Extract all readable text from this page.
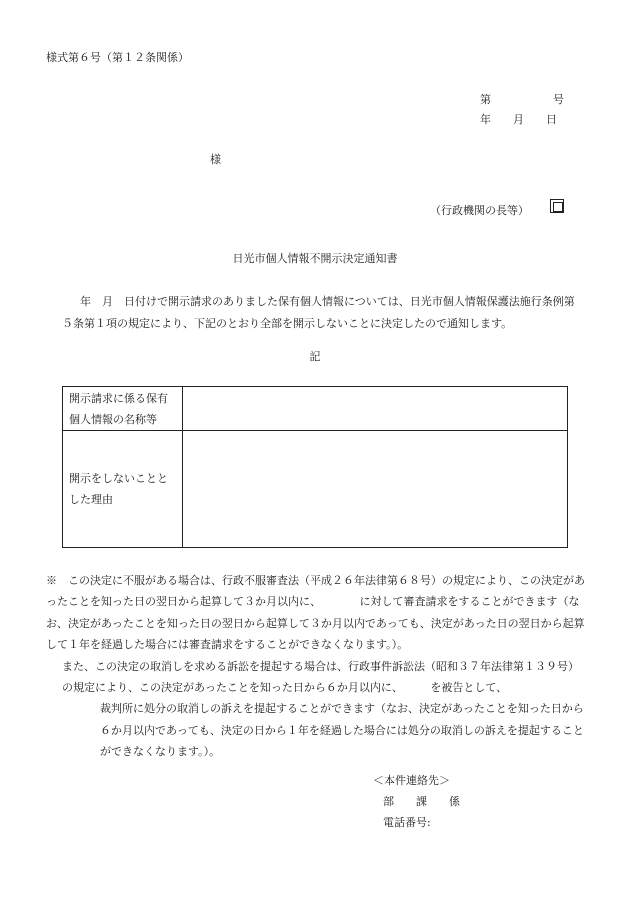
様式第６号（第１２条関係）
第	号
年 月 日
様
（行政機関の長等）
日光市個人情報不開示決定通知書
年　月　日付けで開示請求のありました保有個人情報については、日光市個人情報保護法施行条例第５条第１項の規定により、下記のとおり全部を開示しないことに決定したので通知します。
記
開示請求に係る保有個人情報の名称等	
開示をしないこととした理由	

※　この決定に不服がある場合は、行政不服審査法（平成２６年法律第６８号）の規定により、この決定があったことを知った日の翌日から起算して３か月以内に、　　　　に対して審査請求をすることができます（なお、決定があったことを知った日の翌日から起算して３か月以内であっても、決定があった日の翌日から起算して１年を経過した場合には審査請求をすることができなくなります。）。

また、この決定の取消しを求める訴訟を提起する場合は、行政事件訴訟法（昭和３７年法律第１３９号）の規定により、この決定があったことを知った日から６か月以内に、　　　を被告として、

裁判所に処分の取消しの訴えを提起することができます（なお、決定があったことを知った日から６か月以内であっても、決定の日から１年を経過した場合には処分の取消しの訴えを提起することができなくなります。）。

＜本件連絡先＞
部　　課　　係
電話番号:
